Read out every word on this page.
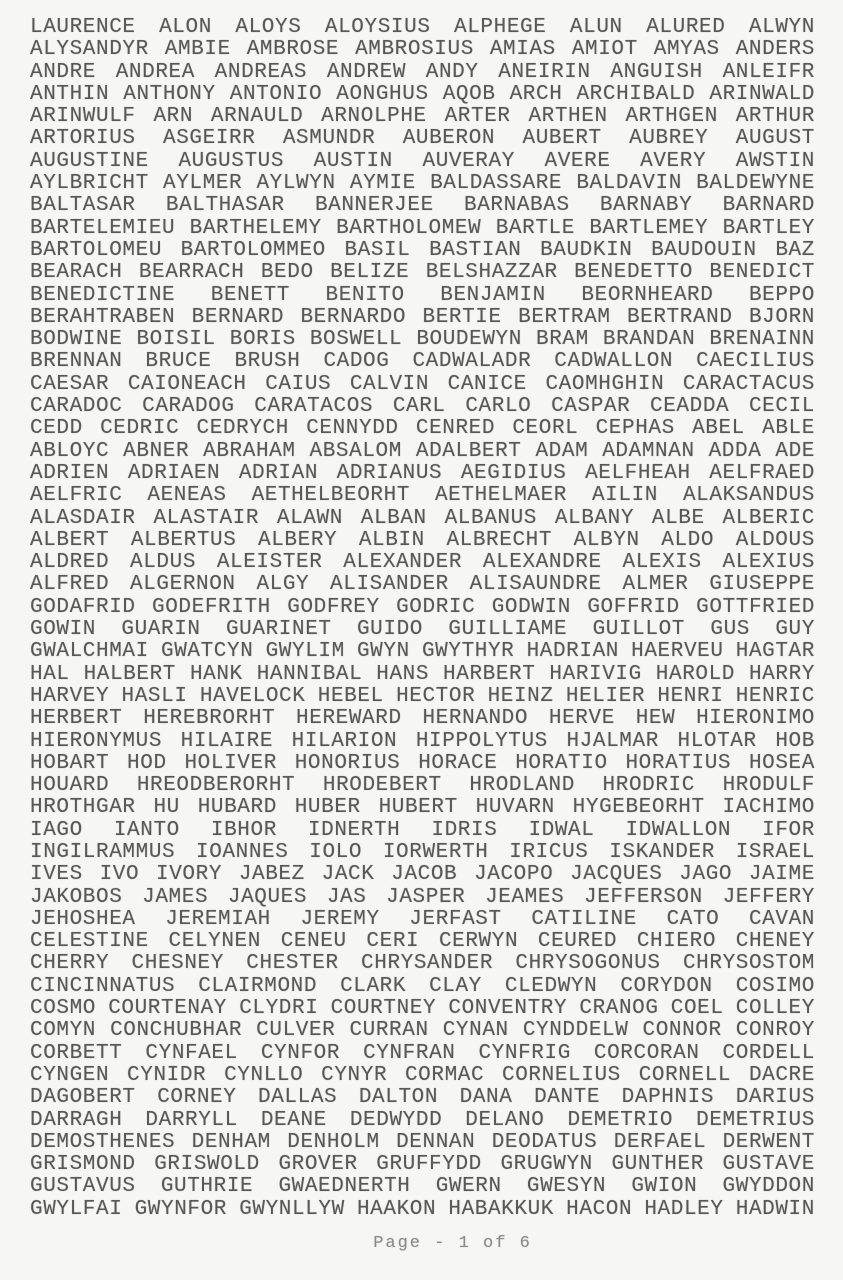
LAURENCE ALON ALOYS ALOYSIUS ALPHEGE ALUN ALURED ALWYN
ALYSANDYR AMBIE AMBROSE AMBROSIUS AMIAS AMIOT AMYAS ANDERS
ANDRE ANDREA ANDREAS ANDREW ANDY ANEIRIN ANGUISH ANLEIFR
ANTHIN ANTHONY ANTONIO AONGHUS AQOB ARCH ARCHIBALD ARINWALD
ARINWULF ARN ARNAULD ARNOLPHE ARTER ARTHEN ARTHGEN ARTHUR
ARTORIUS ASGEIRR ASMUNDR AUBERON AUBERT AUBREY AUGUST
AUGUSTINE AUGUSTUS AUSTIN AUVERAY AVERE AVERY AWSTIN
AYLBRICHT AYLMER AYLWYN AYMIE BALDASSARE BALDAVIN BALDEWYNE
BALTASAR BALTHASAR BANNERJEE BARNABAS BARNABY BARNARD
BARTELEMIEU BARTHELEMY BARTHOLOMEW BARTLE BARTLEMEY BARTLEY
BARTOLOMEU BARTOLOMMEO BASIL BASTIAN BAUDKIN BAUDOUIN BAZ
BEARACH BEARRACH BEDO BELIZE BELSHAZZAR BENEDETTO BENEDICT
BENEDICTINE BENETT BENITO BENJAMIN BEORNHEARD BEPPO
BERAHTRABEN BERNARD BERNARDO BERTIE BERTRAM BERTRAND BJORN
BODWINE BOISIL BORIS BOSWELL BOUDEWYN BRAM BRANDAN BRENAINN
BRENNAN BRUCE BRUSH CADOG CADWALADR CADWALLON CAECILIUS
CAESAR CAIONEACH CAIUS CALVIN CANICE CAOMHGHIN CARACTACUS
CARADOC CARADOG CARATACOS CARL CARLO CASPAR CEADDA CECIL
CEDD CEDRIC CEDRYCH CENNYDD CENRED CEORL CEPHAS ABEL ABLE
ABLOYC ABNER ABRAHAM ABSALOM ADALBERT ADAM ADAMNAN ADDA ADE
ADRIEN ADRIAEN ADRIAN ADRIANUS AEGIDIUS AELFHEAH AELFRAED
AELFRIC AENEAS AETHELBEORHT AETHELMAER AILIN ALAKSANDUS
ALASDAIR ALASTAIR ALAWN ALBAN ALBANUS ALBANY ALBE ALBERIC
ALBERT ALBERTUS ALBERY ALBIN ALBRECHT ALBYN ALDO ALDOUS
ALDRED ALDUS ALEISTER ALEXANDER ALEXANDRE ALEXIS ALEXIUS
ALFRED ALGERNON ALGY ALISANDER ALISAUNDRE ALMER GIUSEPPE
GODAFRID GODEFRITH GODFREY GODRIC GODWIN GOFFRID GOTTFRIED
GOWIN GUARIN GUARINET GUIDO GUILLIAME GUILLOT GUS GUY
GWALCHMAI GWATCYN GWYLIM GWYN GWYTHYR HADRIAN HAERVEU HAGTAR
HAL HALBERT HANK HANNIBAL HANS HARBERT HARIVIG HAROLD HARRY
HARVEY HASLI HAVELOCK HEBEL HECTOR HEINZ HELIER HENRI HENRIC
HERBERT HEREBRORHT HEREWARD HERNANDO HERVE HEW HIERONIMO
HIERONYMUS HILAIRE HILARION HIPPOLYTUS HJALMAR HLOTAR HOB
HOBART HOD HOLIVER HONORIUS HORACE HORATIO HORATIUS HOSEA
HOUARD HREODBERORHT HRODEBERT HRODLAND HRODRIC HRODULF
HROTHGAR HU HUBARD HUBER HUBERT HUVARN HYGEBEORHT IACHIMO
IAGO IANTO IBHOR IDNERTH IDRIS IDWAL IDWALLON IFOR
INGILRAMMUS IOANNES IOLO IORWERTH IRICUS ISKANDER ISRAEL
IVES IVO IVORY JABEZ JACK JACOB JACOPO JACQUES JAGO JAIME
JAKOBOS JAMES JAQUES JAS JASPER JEAMES JEFFERSON JEFFERY
JEHOSHEA JEREMIAH JEREMY JERFAST CATILINE CATO CAVAN
CELESTINE CELYNEN CENEU CERI CERWYN CEURED CHIERO CHENEY
CHERRY CHESNEY CHESTER CHRYSANDER CHRYSOGONUS CHRYSOSTOM
CINCINNATUS CLAIRMOND CLARK CLAY CLEDWYN CORYDON COSIMO
COSMO COURTENAY CLYDRI COURTNEY CONVENTRY CRANOG COEL COLLEY
COMYN CONCHUBHAR CULVER CURRAN CYNAN CYNDDELW CONNOR CONROY
CORBETT CYNFAEL CYNFOR CYNFRAN CYNFRIG CORCORAN CORDELL
CYNGEN CYNIDR CYNLLO CYNYR CORMAC CORNELIUS CORNELL DACRE
DAGOBERT CORNEY DALLAS DALTON DANA DANTE DAPHNIS DARIUS
DARRAGH DARRYLL DEANE DEDWYDD DELANO DEMETRIO DEMETRIUS
DEMOSTHENES DENHAM DENHOLM DENNAN DEODATUS DERFAEL DERWENT
GRISMOND GRISWOLD GROVER GRUFFYDD GRUGWYN GUNTHER GUSTAVE
GUSTAVUS GUTHRIE GWAEDNERTH GWERN GWESYN GWION GWYDDON
GWYLFAI GWYNFOR GWYNLLYW HAAKON HABAKKUK HACON HADLEY HADWIN
Page - 1 of 6
